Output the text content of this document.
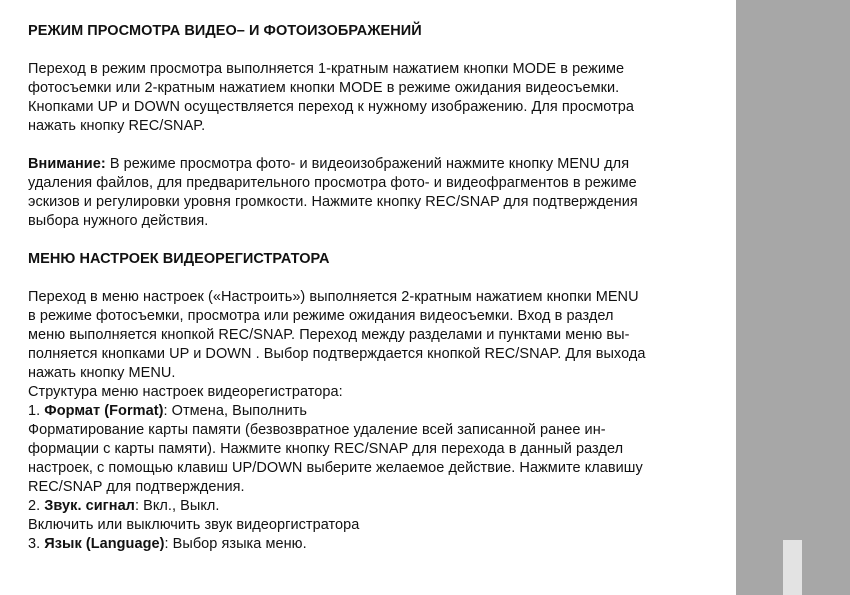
РЕЖИМ ПРОСМОТРА ВИДЕО– И ФОТОИЗОБРАЖЕНИЙ
Переход в режим просмотра выполняется 1-кратным нажатием кнопки MODE в режиме
фотосъемки или 2-кратным нажатием кнопки MODE в режиме ожидания видеосъемки.
Кнопками UP и DOWN осуществляется переход к нужному изображению. Для просмотра
нажать кнопку REC/SNAP.
Внимание: В режиме просмотра фото- и видеоизображений нажмите кнопку MENU для
удаления файлов, для предварительного просмотра фото- и видеофрагментов в режиме
эскизов и регулировки уровня громкости. Нажмите кнопку REC/SNAP для подтверждения
выбора нужного действия.
МЕНЮ НАСТРОЕК ВИДЕОРЕГИСТРАТОРА
Переход в меню настроек («Настроить») выполняется 2-кратным нажатием кнопки MENU
в режиме фотосъемки, просмотра или режиме ожидания видеосъемки. Вход в раздел
меню выполняется кнопкой REC/SNAP. Переход между разделами и пунктами меню вы-
полняется кнопками UP и DOWN . Выбор подтверждается кнопкой REC/SNAP. Для выхода
нажать кнопку MENU.
Структура меню настроек видеорегистратора:
1. Формат (Format): Отмена, Выполнить
Форматирование карты памяти (безвозвратное удаление всей записанной ранее ин-
формации с карты памяти). Нажмите кнопку REC/SNAP для перехода в данный раздел
настроек, с помощью клавиш UP/DOWN выберите желаемое действие. Нажмите клавишу
REC/SNAP для подтверждения.
2. Звук. сигнал: Вкл., Выкл.
Включить или выключить звук видеоргистратора
3. Язык (Language): Выбор языка меню.
